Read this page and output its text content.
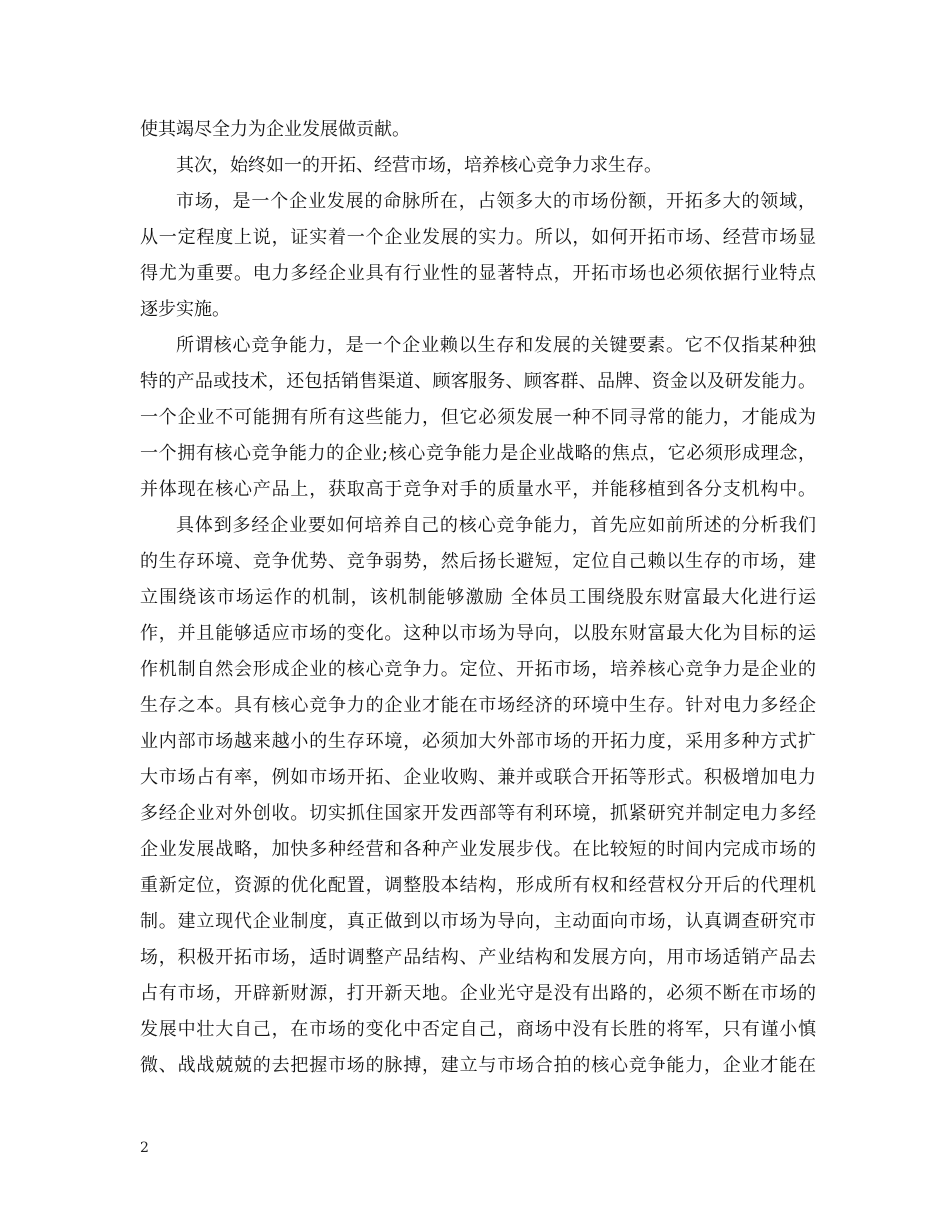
使其竭尽全力为企业发展做贡献。
其次，始终如一的开拓、经营市场，培养核心竞争力求生存。
市场，是一个企业发展的命脉所在，占领多大的市场份额，开拓多大的领域，
从一定程度上说，证实着一个企业发展的实力。所以，如何开拓市场、经营市场显
得尤为重要。电力多经企业具有行业性的显著特点，开拓市场也必须依据行业特点
逐步实施。
所谓核心竞争能力，是一个企业赖以生存和发展的关键要素。它不仅指某种独
特的产品或技术，还包括销售渠道、顾客服务、顾客群、品牌、资金以及研发能力。
一个企业不可能拥有所有这些能力，但它必须发展一种不同寻常的能力，才能成为
一个拥有核心竞争能力的企业;核心竞争能力是企业战略的焦点，它必须形成理念，
并体现在核心产品上，获取高于竞争对手的质量水平，并能移植到各分支机构中。
具体到多经企业要如何培养自己的核心竞争能力，首先应如前所述的分析我们
的生存环境、竞争优势、竞争弱势，然后扬长避短，定位自己赖以生存的市场，建
立围绕该市场运作的机制，该机制能够激励 全体员工围绕股东财富最大化进行运
作，并且能够适应市场的变化。这种以市场为导向，以股东财富最大化为目标的运
作机制自然会形成企业的核心竞争力。定位、开拓市场，培养核心竞争力是企业的
生存之本。具有核心竞争力的企业才能在市场经济的环境中生存。针对电力多经企
业内部市场越来越小的生存环境，必须加大外部市场的开拓力度，采用多种方式扩
大市场占有率，例如市场开拓、企业收购、兼并或联合开拓等形式。积极增加电力
多经企业对外创收。切实抓住国家开发西部等有利环境，抓紧研究并制定电力多经
企业发展战略，加快多种经营和各种产业发展步伐。在比较短的时间内完成市场的
重新定位，资源的优化配置，调整股本结构，形成所有权和经营权分开后的代理机
制。建立现代企业制度，真正做到以市场为导向，主动面向市场，认真调查研究市
场，积极开拓市场，适时调整产品结构、产业结构和发展方向，用市场适销产品去
占有市场，开辟新财源，打开新天地。企业光守是没有出路的，必须不断在市场的
发展中壮大自己，在市场的变化中否定自己，商场中没有长胜的将军，只有谨小慎
微、战战兢兢的去把握市场的脉搏，建立与市场合拍的核心竞争能力，企业才能在
2
